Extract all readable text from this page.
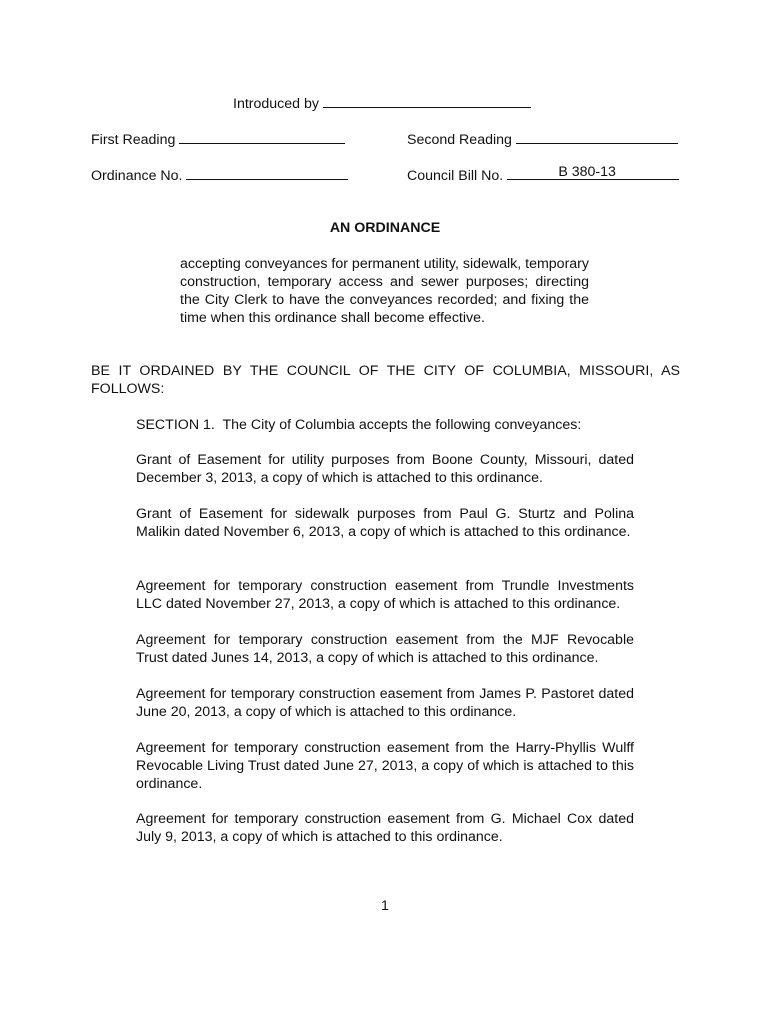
Introduced by
First Reading	Second Reading
Ordinance No.	Council Bill No.	B 380-13
AN ORDINANCE
accepting conveyances for permanent utility, sidewalk, temporary construction, temporary access and sewer purposes; directing the City Clerk to have the conveyances recorded; and fixing the time when this ordinance shall become effective.
BE IT ORDAINED BY THE COUNCIL OF THE CITY OF COLUMBIA, MISSOURI, AS FOLLOWS:
SECTION 1.  The City of Columbia accepts the following conveyances:
Grant of Easement for utility purposes from Boone County, Missouri, dated December 3, 2013, a copy of which is attached to this ordinance.
Grant of Easement for sidewalk purposes from Paul G. Sturtz and Polina Malikin dated November 6, 2013, a copy of which is attached to this ordinance.
Agreement for temporary construction easement from Trundle Investments LLC dated November 27, 2013, a copy of which is attached to this ordinance.
Agreement for temporary construction easement from the MJF Revocable Trust dated Junes 14, 2013, a copy of which is attached to this ordinance.
Agreement for temporary construction easement from James P. Pastoret dated June 20, 2013, a copy of which is attached to this ordinance.
Agreement for temporary construction easement from the Harry-Phyllis Wulff Revocable Living Trust dated June 27, 2013, a copy of which is attached to this ordinance.
Agreement for temporary construction easement from G. Michael Cox dated July 9, 2013, a copy of which is attached to this ordinance.
1
